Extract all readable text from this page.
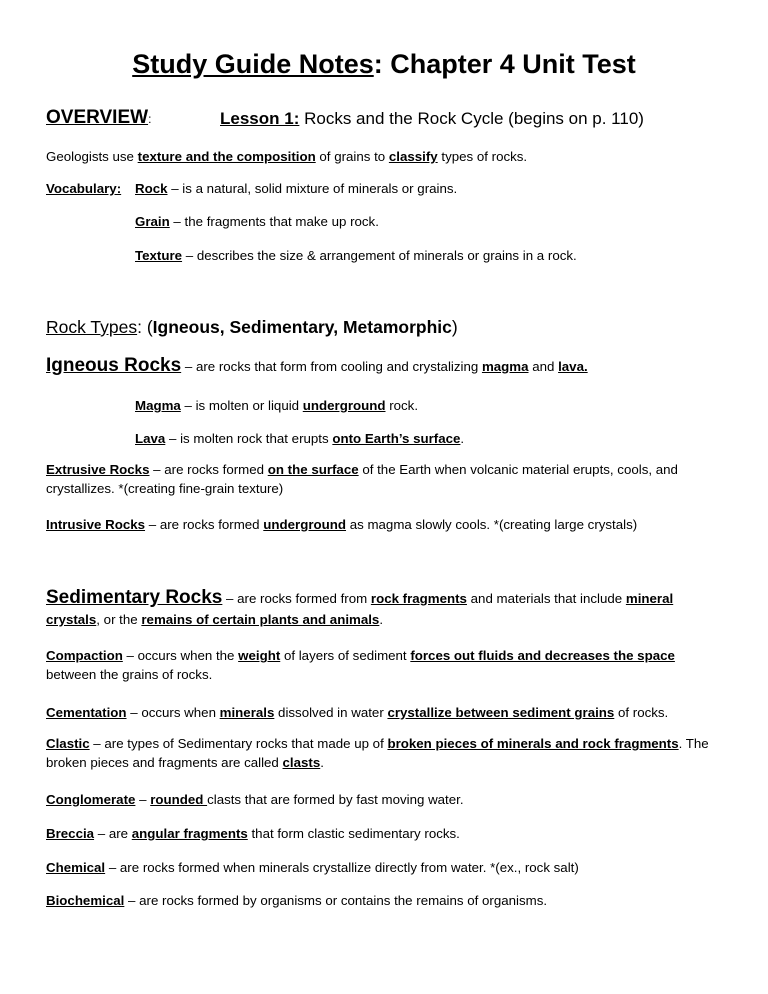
Study Guide Notes: Chapter 4 Unit Test
OVERVIEW:	Lesson 1: Rocks and the Rock Cycle (begins on p. 110)
Geologists use texture and the composition of grains to classify types of rocks.
Vocabulary: Rock – is a natural, solid mixture of minerals or grains.
Grain – the fragments that make up rock.
Texture – describes the size & arrangement of minerals or grains in a rock.
Rock Types: (Igneous, Sedimentary, Metamorphic)
Igneous Rocks – are rocks that form from cooling and crystalizing magma and lava.
Magma – is molten or liquid underground rock.
Lava – is molten rock that erupts onto Earth’s surface.
Extrusive Rocks – are rocks formed on the surface of the Earth when volcanic material erupts, cools, and crystallizes. *(creating fine-grain texture)
Intrusive Rocks – are rocks formed underground as magma slowly cools. *(creating large crystals)
Sedimentary Rocks – are rocks formed from rock fragments and materials that include mineral crystals, or the remains of certain plants and animals.
Compaction – occurs when the weight of layers of sediment forces out fluids and decreases the space between the grains of rocks.
Cementation – occurs when minerals dissolved in water crystallize between sediment grains of rocks.
Clastic – are types of Sedimentary rocks that made up of broken pieces of minerals and rock fragments. The broken pieces and fragments are called clasts.
Conglomerate – rounded clasts that are formed by fast moving water.
Breccia – are angular fragments that form clastic sedimentary rocks.
Chemical – are rocks formed when minerals crystallize directly from water. *(ex., rock salt)
Biochemical – are rocks formed by organisms or contains the remains of organisms.
